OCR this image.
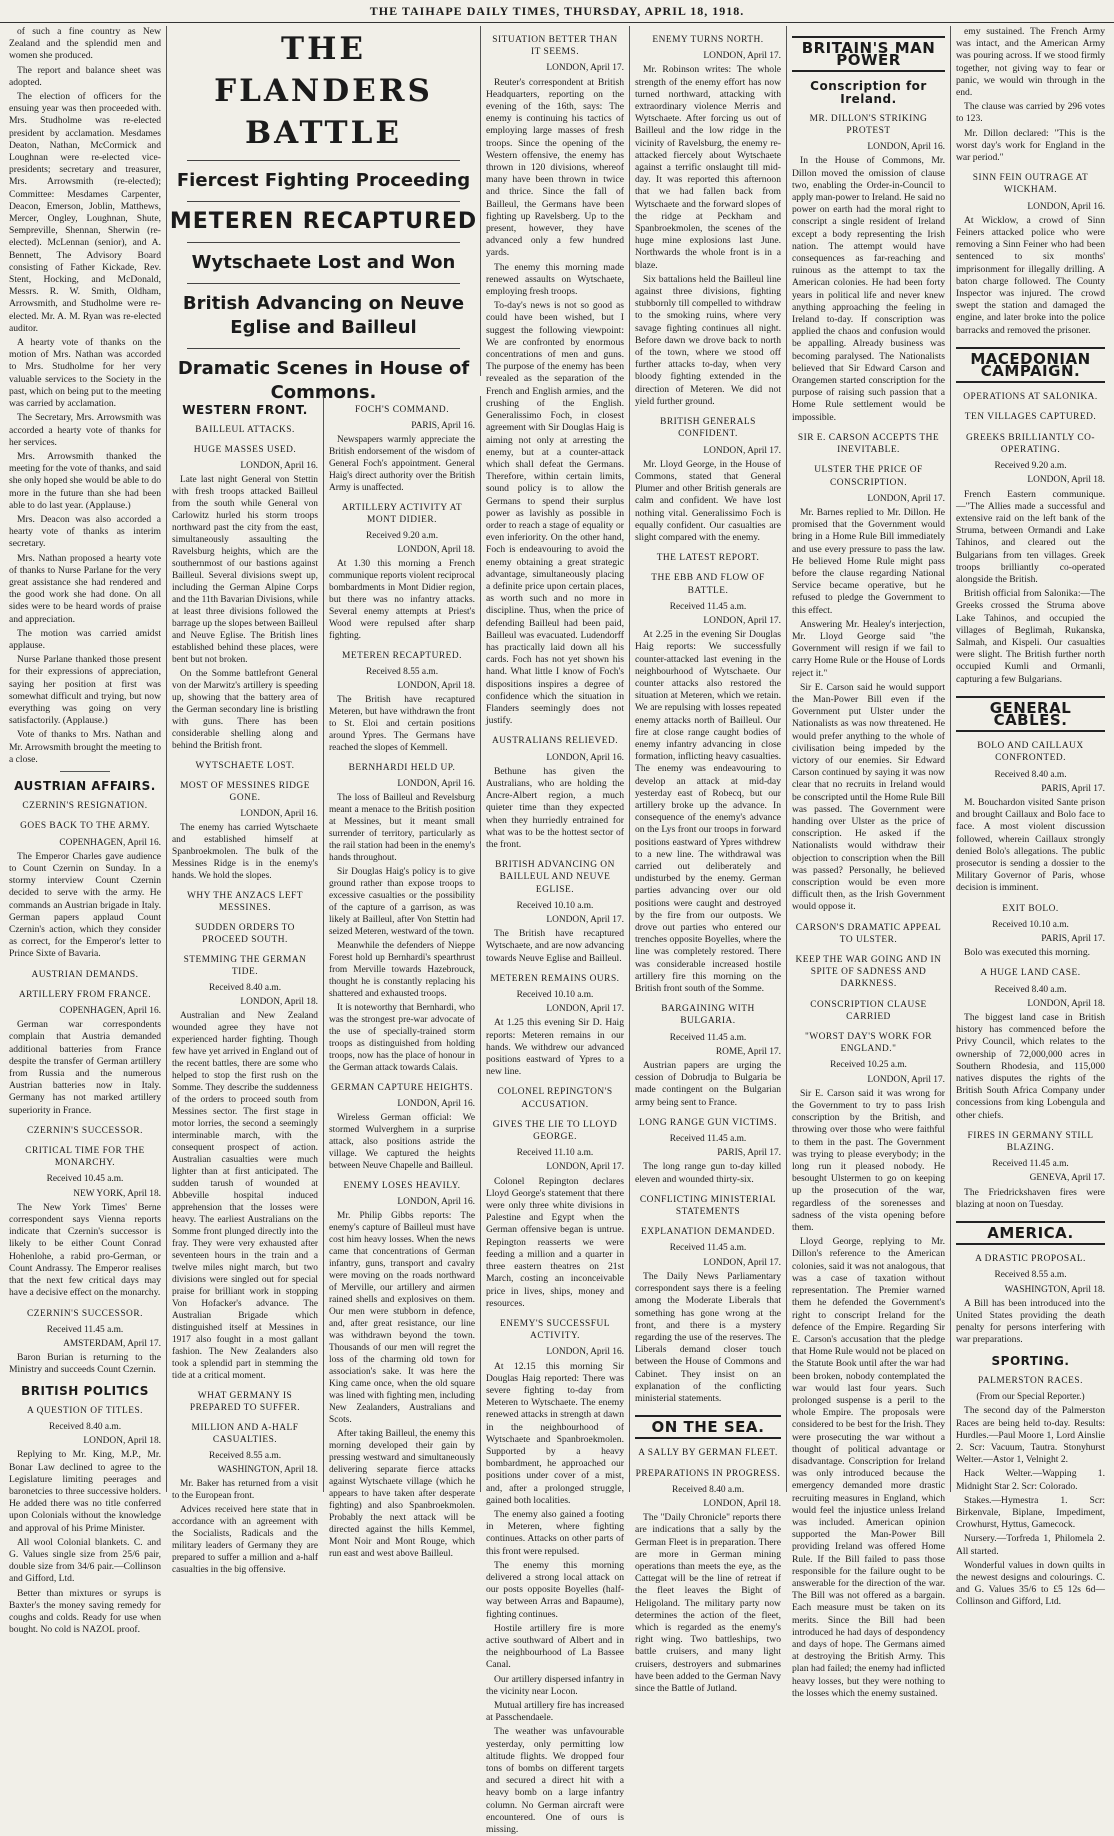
THE TAIHAPE DAILY TIMES, THURSDAY, APRIL 18, 1918.

of such a fine country as New Zealand and the splendid men and women she produced.

The report and balance sheet was adopted.

The election of officers for the ensuing year was then proceeded with. Mrs. Studholme was re-elected president by acclamation. Mesdames Deaton, Nathan, McCormick and Loughnan were re-elected vice-presidents; secretary and treasurer, Mrs. Arrowsmith (re-elected); Committee: Mesdames Carpenter, Deacon, Emerson, Joblin, Matthews, Mercer, Ongley, Loughnan, Shute, Sempreville, Shennan, Sherwin (re-elected). McLennan (senior), and A. Bennett, The Advisory Board consisting of Father Kickade, Rev. Stent, Hocking, and McDonald, Messrs. R. W. Smith, Oldham, Arrowsmith, and Studholme were re-elected. Mr. A. M. Ryan was re-elected auditor.

A hearty vote of thanks on the motion of Mrs. Nathan was accorded to Mrs. Studholme for her very valuable services to the Society in the past, which on being put to the meeting was carried by acclamation.

The Secretary, Mrs. Arrowsmith was accorded a hearty vote of thanks for her services.

Mrs. Arrowsmith thanked the meeting for the vote of thanks, and said she only hoped she would be able to do more in the future than she had been able to do last year. (Applause.)

Mrs. Deacon was also accorded a hearty vote of thanks as interim secretary.

Mrs. Nathan proposed a hearty vote of thanks to Nurse Parlane for the very great assistance she had rendered and the good work she had done. On all sides were to be heard words of praise and appreciation.

The motion was carried amidst applause.

Nurse Parlane thanked those present for their expressions of appreciation, saying her position at first was somewhat difficult and trying, but now everything was going on very satisfactorily. (Applause.)

Vote of thanks to Mrs. Nathan and Mr. Arrowsmith brought the meeting to a close.

AUSTRIAN AFFAIRS.
CZERNIN'S RESIGNATION.
GOES BACK TO THE ARMY.
COPENHAGEN, April 16.

The Emperor Charles gave audience to Count Czernin on Sunday. In a stormy interview Count Czernin decided to serve with the army. He commands an Austrian brigade in Italy. German papers applaud Count Czernin's action, which they consider as correct, for the Emperor's letter to Prince Sixte of Bavaria.

AUSTRIAN DEMANDS.
ARTILLERY FROM FRANCE.
COPENHAGEN, April 16.

German war correspondents complain that Austria demanded additional batteries from France despite the transfer of German artillery from Russia and the numerous Austrian batteries now in Italy. Germany has not marked artillery superiority in France.

CZERNIN'S SUCCESSOR.
CRITICAL TIME FOR THE MONARCHY.
Received 10.45 a.m.
NEW YORK, April 18.

The New York Times' Berne correspondent says Vienna reports indicate that Czernin's successor is likely to be either Count Conrad Hohenlohe, a rabid pro-German, or Count Andrassy. The Emperor realises that the next few critical days may have a decisive effect on the monarchy.

CZERNIN'S SUCCESSOR.
Received 11.45 a.m.
AMSTERDAM, April 17.

Baron Burian is returning to the Ministry and succeeds Count Czernin.

BRITISH POLITICS
A QUESTION OF TITLES.
Received 8.40 a.m.
LONDON, April 18.

Replying to Mr. King, M.P., Mr. Bonar Law declined to agree to the Legislature limiting peerages and baronetcies to three successive holders. He added there was no title conferred upon Colonials without the knowledge and approval of his Prime Minister.

All wool Colonial blankets. C. and G. Values single size from 25/6 pair, double size from 34/6 pair.—Collinson and Gifford, Ltd.

Better than mixtures or syrups is Baxter's the money saving remedy for coughs and colds. Ready for use when bought. No cold is NAZOL proof.

THE FLANDERS BATTLE
Fiercest Fighting Proceeding
METEREN RECAPTURED
Wytschaete Lost and Won
British Advancing on Neuve Eglise and Bailleul
Dramatic Scenes in House of Commons.
WESTERN FRONT.
BAILLEUL ATTACKS.
HUGE MASSES USED.
LONDON, April 16.

Late last night General von Stettin with fresh troops attacked Bailleul from the south while General von Carlowitz hurled his storm troops northward past the city from the east, simultaneously assaulting the Ravelsburg heights, which are the southernmost of our bastions against Bailleul. Several divisions swept up, including the German Alpine Corps and the 11th Bavarian Divisions, while at least three divisions followed the barrage up the slopes between Bailleul and Neuve Eglise. The British lines established behind these places, were bent but not broken.

On the Somme battlefront General von der Marwitz's artillery is speeding up, showing that the battery area of the German secondary line is bristling with guns. There has been considerable shelling along and behind the British front.

WYTSCHAETE LOST.
MOST OF MESSINES RIDGE GONE.
LONDON, April 16.

The enemy has carried Wytschaete and established himself at Spanbroekmolen. The bulk of the Messines Ridge is in the enemy's hands. We hold the slopes.

WHY THE ANZACS LEFT MESSINES.
SUDDEN ORDERS TO PROCEED SOUTH.
STEMMING THE GERMAN TIDE.
Received 8.40 a.m.
LONDON, April 18.

Australian and New Zealand wounded agree they have not experienced harder fighting. Though few have yet arrived in England out of the recent battles, there are some who helped to stop the first rush on the Somme. They describe the suddenness of the orders to proceed south from Messines sector. The first stage in motor lorries, the second a seemingly interminable march, with the consequent prospect of action. Australian casualties were much lighter than at first anticipated. The sudden tarush of wounded at Abbeville hospital induced apprehension that the losses were heavy. The earliest Australians on the Somme front plunged directly into the fray. They were very exhausted after seventeen hours in the train and a twelve miles night march, but two divisions were singled out for special praise for brilliant work in stopping Von Hofacker's advance. The Australian Brigade which distinguished itself at Messines in 1917 also fought in a most gallant fashion. The New Zealanders also took a splendid part in stemming the tide at a critical moment.

WHAT GERMANY IS PREPARED TO SUFFER.
MILLION AND A-HALF CASUALTIES.
Received 8.55 a.m.
WASHINGTON, April 18.

Mr. Baker has returned from a visit to the European front.

Advices received here state that in accordance with an agreement with the Socialists, Radicals and the military leaders of Germany they are prepared to suffer a million and a-half casualties in the big offensive.

FOCH'S COMMAND.
PARIS, April 16.

Newspapers warmly appreciate the British endorsement of the wisdom of General Foch's appointment. General Haig's direct authority over the British Army is unaffected.

ARTILLERY ACTIVITY AT MONT DIDIER.
Received 9.20 a.m.
LONDON, April 18.

At 1.30 this morning a French communique reports violent reciprocal bombardments in Mont Didier region, but there was no infantry attacks. Several enemy attempts at Priest's Wood were repulsed after sharp fighting.

METEREN RECAPTURED.
Received 8.55 a.m.
LONDON, April 18.

The British have recaptured Meteren, but have withdrawn the front to St. Eloi and certain positions around Ypres. The Germans have reached the slopes of Kemmell.

BERNHARDI HELD UP.
LONDON, April 16.

The loss of Bailleul and Revelsburg meant a menace to the British position at Messines, but it meant small surrender of territory, particularly as the rail station had been in the enemy's hands throughout.

Sir Douglas Haig's policy is to give ground rather than expose troops to excessive casualties or the possibility of the capture of a garrison, as was likely at Bailleul, after Von Stettin had seized Meteren, westward of the town.

Meanwhile the defenders of Nieppe Forest hold up Bernhardi's spearthrust from Merville towards Hazebrouck, thought he is constantly replacing his shattered and exhausted troops.

It is noteworthy that Bernhardi, who was the strongest pre-war advocate of the use of specially-trained storm troops as distinguished from holding troops, now has the place of honour in the German attack towards Calais.

GERMAN CAPTURE HEIGHTS.
LONDON, April 16.

Wireless German official: We stormed Wulverghem in a surprise attack, also positions astride the village. We captured the heights between Neuve Chapelle and Bailleul.

ENEMY LOSES HEAVILY.
LONDON, April 16.

Mr. Philip Gibbs reports: The enemy's capture of Bailleul must have cost him heavy losses. When the news came that concentrations of German infantry, guns, transport and cavalry were moving on the roads northward of Merville, our artillery and airmen rained shells and explosives on them. Our men were stubborn in defence, and, after great resistance, our line was withdrawn beyond the town. Thousands of our men will regret the loss of the charming old town for association's sake. It was here the King came once, when the old square was lined with fighting men, including New Zealanders, Australians and Scots.

After taking Bailleul, the enemy this morning developed their gain by pressing westward and simultaneously delivering separate fierce attacks against Wytschaete village (which he appears to have taken after desperate fighting) and also Spanbroekmolen. Probably the next attack will be directed against the hills Kemmel, Mont Noir and Mont Rouge, which run east and west above Bailleul.

SITUATION BETTER THAN IT SEEMS.
LONDON, April 17.

Reuter's correspondent at British Headquarters, reporting on the evening of the 16th, says: The enemy is continuing his tactics of employing large masses of fresh troops. Since the opening of the Western offensive, the enemy has thrown in 120 divisions, whereof many have been thrown in twice and thrice. Since the fall of Bailleul, the Germans have been fighting up Ravelsberg. Up to the present, however, they have advanced only a few hundred yards.

The enemy this morning made renewed assaults on Wytschaete, employing fresh troops.

To-day's news is not so good as could have been wished, but I suggest the following viewpoint: We are confronted by enormous concentrations of men and guns. The purpose of the enemy has been revealed as the separation of the French and English armies, and the crushing of the English. Generalissimo Foch, in closest agreement with Sir Douglas Haig is aiming not only at arresting the enemy, but at a counter-attack which shall defeat the Germans. Therefore, within certain limits, sound policy is to allow the Germans to spend their surplus power as lavishly as possible in order to reach a stage of equality or even inferiority. On the other hand, Foch is endeavouring to avoid the enemy obtaining a great strategic advantage, simultaneously placing a definite price upon certain places, as worth such and no more in discipline. Thus, when the price of defending Bailleul had been paid, Bailleul was evacuated. Ludendorff has practically laid down all his cards. Foch has not yet shown his hand. What little I know of Foch's dispositions inspires a degree of confidence which the situation in Flanders seemingly does not justify.

AUSTRALIANS RELIEVED.
LONDON, April 16.

Bethune has given the Australians, who are holding the Ancre-Albert region, a much quieter time than they expected when they hurriedly entrained for what was to be the hottest sector of the front.

BRITISH ADVANCING ON BAILLEUL AND NEUVE EGLISE.
Received 10.10 a.m.
LONDON, April 17.

The British have recaptured Wytschaete, and are now advancing towards Neuve Eglise and Bailleul.

METEREN REMAINS OURS.
Received 10.10 a.m.
LONDON, April 17.

At 1.25 this evening Sir D. Haig reports: Meteren remains in our hands. We withdrew our advanced positions eastward of Ypres to a new line.

COLONEL REPINGTON'S ACCUSATION.
GIVES THE LIE TO LLOYD GEORGE.
Received 11.10 a.m.
LONDON, April 17.

Colonel Repington declares Lloyd George's statement that there were only three white divisions in Palestine and Egypt when the German offensive began is untrue. Repington reasserts we were feeding a million and a quarter in three eastern theatres on 21st March, costing an inconceivable price in lives, ships, money and resources.

ENEMY'S SUCCESSFUL ACTIVITY.
LONDON, April 16.

At 12.15 this morning Sir Douglas Haig reported: There was severe fighting to-day from Meteren to Wytschaete. The enemy renewed attacks in strength at dawn in the neighbourhood of Wytschaete and Spanbroekmolen. Supported by a heavy bombardment, he approached our positions under cover of a mist, and, after a prolonged struggle, gained both localities.

The enemy also gained a footing in Meteren, where fighting continues. Attacks on other parts of this front were repulsed.

The enemy this morning delivered a strong local attack on our posts opposite Boyelles (half-way between Arras and Bapaume), fighting continues.

Hostile artillery fire is more active southward of Albert and in the neighbourhood of La Bassee Canal.

Our artillery dispersed infantry in the vicinity near Locon.

Mutual artillery fire has increased at Passchendaele.

The weather was unfavourable yesterday, only permitting low altitude flights. We dropped four tons of bombs on different targets and secured a direct hit with a heavy bomb on a large infantry column. No German aircraft were encountered. One of ours is missing.

ENEMY TURNS NORTH.
LONDON, April 17.

Mr. Robinson writes: The whole strength of the enemy effort has now turned northward, attacking with extraordinary violence Merris and Wytschaete. After forcing us out of Bailleul and the low ridge in the vicinity of Ravelsburg, the enemy re-attacked fiercely about Wytschaete against a terrific onslaught till mid-day. It was reported this afternoon that we had fallen back from Wytschaete and the forward slopes of the ridge at Peckham and Spanbroekmolen, the scenes of the huge mine explosions last June. Northwards the whole front is in a blaze.

Six battalions held the Bailleul line against three divisions, fighting stubbornly till compelled to withdraw to the smoking ruins, where very savage fighting continues all night. Before dawn we drove back to north of the town, where we stood off further attacks to-day, when very bloody fighting extended in the direction of Meteren. We did not yield further ground.

BRITISH GENERALS CONFIDENT.
LONDON, April 17.

Mr. Lloyd George, in the House of Commons, stated that General Plumer and other British generals are calm and confident. We have lost nothing vital. Generalissimo Foch is equally confident. Our casualties are slight compared with the enemy.

THE LATEST REPORT.
THE EBB AND FLOW OF BATTLE.
Received 11.45 a.m.
LONDON, April 17.

At 2.25 in the evening Sir Douglas Haig reports: We successfully counter-attacked last evening in the neighbourhood of Wytschaete. Our counter attacks also restored the situation at Meteren, which we retain. We are repulsing with losses repeated enemy attacks north of Bailleul. Our fire at close range caught bodies of enemy infantry advancing in close formation, inflicting heavy casualties. The enemy was endeavouring to develop an attack at mid-day yesterday east of Robecq, but our artillery broke up the advance. In consequence of the enemy's advance on the Lys front our troops in forward positions eastward of Ypres withdrew to a new line. The withdrawal was carried out deliberately and undisturbed by the enemy. German parties advancing over our old positions were caught and destroyed by the fire from our outposts. We drove out parties who entered our trenches opposite Boyelles, where the line was completely restored. There was considerable increased hostile artillery fire this morning on the British front south of the Somme.

BARGAINING WITH BULGARIA.
Received 11.45 a.m.
ROME, April 17.

Austrian papers are urging the cession of Dobrudja to Bulgaria be made contingent on the Bulgarian army being sent to France.

LONG RANGE GUN VICTIMS.
Received 11.45 a.m.
PARIS, April 17.

The long range gun to-day killed eleven and wounded thirty-six.

CONFLICTING MINISTERIAL STATEMENTS
EXPLANATION DEMANDED.
Received 11.45 a.m.
LONDON, April 17.

The Daily News Parliamentary correspondent says there is a feeling among the Moderate Liberals that something has gone wrong at the front, and there is a mystery regarding the use of the reserves. The Liberals demand closer touch between the House of Commons and Cabinet. They insist on an explanation of the conflicting ministerial statements.

ON THE SEA.
A SALLY BY GERMAN FLEET.
PREPARATIONS IN PROGRESS.
Received 8.40 a.m.
LONDON, April 18.

The "Daily Chronicle" reports there are indications that a sally by the German Fleet is in preparation. There are more in German mining operations than meets the eye, as the Cattegat will be the line of retreat if the fleet leaves the Bight of Heligoland. The military party now determines the action of the fleet, which is regarded as the enemy's right wing. Two battleships, two battle cruisers, and many light cruisers, destroyers and submarines have been added to the German Navy since the Battle of Jutland.

BRITAIN'S MAN POWER
Conscription for Ireland.
MR. DILLON'S STRIKING PROTEST
LONDON, April 16.

In the House of Commons, Mr. Dillon moved the omission of clause two, enabling the Order-in-Council to apply man-power to Ireland. He said no power on earth had the moral right to conscript a single resident of Ireland except a body representing the Irish nation. The attempt would have consequences as far-reaching and ruinous as the attempt to tax the American colonies. He had been forty years in political life and never knew anything approaching the feeling in Ireland to-day. If conscription was applied the chaos and confusion would be appalling. Already business was becoming paralysed. The Nationalists believed that Sir Edward Carson and Orangemen started conscription for the purpose of raising such passion that a Home Rule settlement would be impossible.

SIR E. CARSON ACCEPTS THE INEVITABLE.
ULSTER THE PRICE OF CONSCRIPTION.
LONDON, April 17.

Mr. Barnes replied to Mr. Dillon. He promised that the Government would bring in a Home Rule Bill immediately and use every pressure to pass the law. He believed Home Rule might pass before the clause regarding National Service became operative, but he refused to pledge the Government to this effect.

Answering Mr. Healey's interjection, Mr. Lloyd George said "the Government will resign if we fail to carry Home Rule or the House of Lords reject it."

Sir E. Carson said he would support the Man-Power Bill even if the Government put Ulster under the Nationalists as was now threatened. He would prefer anything to the whole of civilisation being impeded by the victory of our enemies. Sir Edward Carson continued by saying it was now clear that no recruits in Ireland would be conscripted until the Home Rule Bill was passed. The Government were handing over Ulster as the price of conscription. He asked if the Nationalists would withdraw their objection to conscription when the Bill was passed? Personally, he believed conscription would be even more difficult then, as the Irish Government would oppose it.

CARSON'S DRAMATIC APPEAL TO ULSTER.
KEEP THE WAR GOING AND IN SPITE OF SADNESS AND DARKNESS.
CONSCRIPTION CLAUSE CARRIED
"WORST DAY'S WORK FOR ENGLAND."
Received 10.25 a.m.
LONDON, April 17.

Sir E. Carson said it was wrong for the Government to try to pass Irish conscription by the British, and throwing over those who were faithful to them in the past. The Government was trying to please everybody; in the long run it pleased nobody. He besought Ulstermen to go on keeping up the prosecution of the war, regardless of the sorenesses and sadness of the vista opening before them.

Lloyd George, replying to Mr. Dillon's reference to the American colonies, said it was not analogous, that was a case of taxation without representation. The Premier warned them he defended the Government's right to conscript Ireland for the defence of the Empire. Regarding Sir E. Carson's accusation that the pledge that Home Rule would not be placed on the Statute Book until after the war had been broken, nobody contemplated the war would last four years. Such prolonged suspense is a peril to the whole Empire. The proposals were considered to be best for the Irish. They were prosecuting the war without a thought of political advantage or disadvantage. Conscription for Ireland was only introduced because the emergency demanded more drastic recruiting measures in England, which would feel the injustice unless Ireland was included. American opinion supported the Man-Power Bill providing Ireland was offered Home Rule. If the Bill failed to pass those responsible for the failure ought to be answerable for the direction of the war. The Bill was not offered as a bargain. Each measure must be taken on its merits. Since the Bill had been introduced he had days of despondency and days of hope. The Germans aimed at destroying the British Army. This plan had failed; the enemy had inflicted heavy losses, but they were nothing to the losses which the enemy sustained.

emy sustained. The French Army was intact, and the American Army was pouring across. If we stood firmly together, not giving way to fear or panic, we would win through in the end.

The clause was carried by 296 votes to 123.

Mr. Dillon declared: "This is the worst day's work for England in the war period."

SINN FEIN OUTRAGE AT WICKHAM.
LONDON, April 16.

At Wicklow, a crowd of Sinn Feiners attacked police who were removing a Sinn Feiner who had been sentenced to six months' imprisonment for illegally drilling. A baton charge followed. The County Inspector was injured. The crowd swept the station and damaged the engine, and later broke into the police barracks and removed the prisoner.

MACEDONIAN CAMPAIGN.
OPERATIONS AT SALONIKA.
TEN VILLAGES CAPTURED.
GREEKS BRILLIANTLY CO-OPERATING.
Received 9.20 a.m.
LONDON, April 18.

French Eastern communique.—"The Allies made a successful and extensive raid on the left bank of the Struma, between Ormandi and Lake Tahinos, and cleared out the Bulgarians from ten villages. Greek troops brilliantly co-operated alongside the British.

British official from Salonika:—The Greeks crossed the Struma above Lake Tahinos, and occupied the villages of Beglimah, Rukanska, Salmah, and Kispeli. Our casualties were slight. The British further north occupied Kumli and Ormanli, capturing a few Bulgarians.

GENERAL CABLES.
BOLO AND CAILLAUX CONFRONTED.
Received 8.40 a.m.
PARIS, April 17.

M. Bouchardon visited Sante prison and brought Caillaux and Bolo face to face. A most violent discussion followed, wherein Caillaux strongly denied Bolo's allegations. The public prosecutor is sending a dossier to the Military Governor of Paris, whose decision is imminent.

EXIT BOLO.
Received 10.10 a.m.
PARIS, April 17.

Bolo was executed this morning.

A HUGE LAND CASE.
Received 8.40 a.m.
LONDON, April 18.

The biggest land case in British history has commenced before the Privy Council, which relates to the ownership of 72,000,000 acres in Southern Rhodesia, and 115,000 natives disputes the rights of the British South Africa Company under concessions from king Lobengula and other chiefs.

FIRES IN GERMANY STILL BLAZING.
Received 11.45 a.m.
GENEVA, April 17.

The Friedrickshaven fires were blazing at noon on Tuesday.

AMERICA.
A DRASTIC PROPOSAL.
Received 8.55 a.m.
WASHINGTON, April 18.

A Bill has been introduced into the United States providing the death penalty for persons interfering with war preparations.

SPORTING.
PALMERSTON RACES.
(From our Special Reporter.)

The second day of the Palmerston Races are being held to-day. Results: Hurdles.—Paul Moore 1, Lord Ainslie 2. Scr: Vacuum, Tautra. Stonyhurst Welter.—Astor 1, Velnight 2.

Hack Welter.—Wapping 1. Midnight Star 2. Scr: Colorado.

Stakes.—Hymestra 1. Scr: Birkenvale, Biplane, Impediment, Crowhurst, Hyttus, Gamecock.

Nursery.—Torfreda 1, Philomela 2. All started.

Wonderful values in down quilts in the newest designs and colourings. C. and G. Values 35/6 to £5 12s 6d—Collinson and Gifford, Ltd.
